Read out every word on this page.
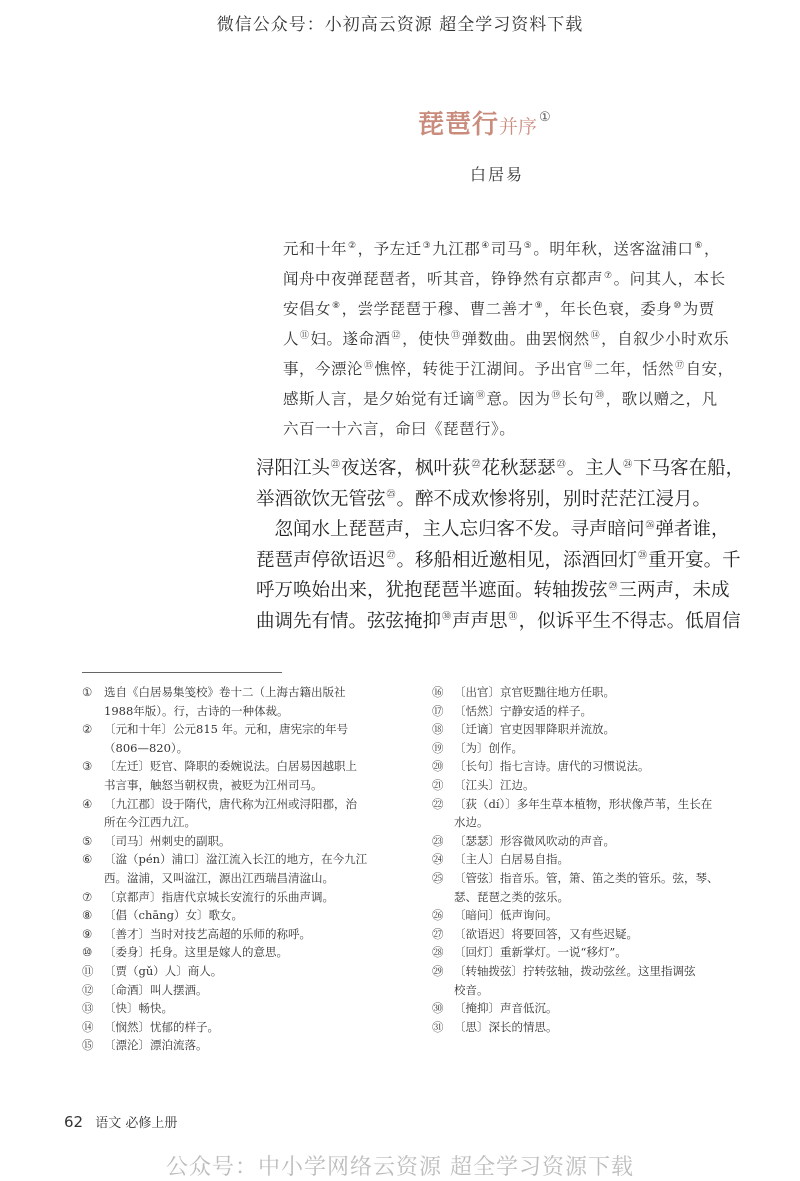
微信公众号：小初高云资源 超全学习资料下载
琵琶行并序 ①
白居易
元和十年②，予左迁③九江郡④司马⑤。明年秋，送客湓浦口⑥，
闻舟中夜弹琵琶者，听其音，铮铮然有京都声⑦。问其人，本长
安倡女⑧，尝学琵琶于穆、曹二善才⑨，年长色衰，委身⑩为贾
人⑪妇。遂命酒⑫，使快⑬弹数曲。曲罢悯然⑭，自叙少小时欢乐
事，今漂沦⑮憔悴，转徙于江湖间。予出官⑯二年，恬然⑰自安，
感斯人言，是夕始觉有迁谪⑱意。因为⑲长句⑳，歌以赠之，凡
六百一十六言，命曰《琵琶行》。
浔阳江头$^㉑$夜送客，枫叶荻$^㉒$花秋瑟瑟$^㉓$。主人$^㉔$下马客在船，
举酒欲饮无管弦$^㉕$。醉不成欢惨将别，别时茫茫江浸月。
　忽闻水上琵琶声，主人忘归客不发。寻声暗问$^㉖$弹者谁，
琵琶声停欲语迟$^㉗$。移船相近邀相见，添酒回灯$^㉘$重开宴。千
呼万唤始出来，犹抱琵琶半遮面。转轴拨弦$^㉙$三两声，未成
曲调先有情。弦弦掩抑$^㉚$声声思$^㉛$，似诉平生不得志。低眉信
① 选自《白居易集笺校》卷十二（上海古籍出版社
1988年版）。行，古诗的一种体裁。
② 〔元和十年〕公元815 年。元和，唐宪宗的年号
（806—820）。
③ 〔左迁〕贬官、降职的委婉说法。白居易因越职上
书言事，触怒当朝权贵，被贬为江州司马。
④ 〔九江郡〕设于隋代，唐代称为江州或浔阳郡，治
所在今江西九江。
⑤ 〔司马〕州刺史的副职。
⑥ 〔湓（pén）浦口〕湓江流入长江的地方，在今九江
西。湓浦，又叫湓江，源出江西瑞昌清湓山。
⑦ 〔京都声〕指唐代京城长安流行的乐曲声调。
⑧ 〔倡（chāng）女〕歌女。
⑨ 〔善才〕当时对技艺高超的乐师的称呼。
⑩ 〔委身〕托身。这里是嫁人的意思。
⑪ 〔贾（gǔ）人〕商人。
⑫ 〔命酒〕叫人摆酒。
⑬ 〔快〕畅快。
⑭ 〔悯然〕忧郁的样子。
⑮ 〔漂沦〕漂泊流落。
⑯ 〔出官〕京官贬黜往地方任职。
⑰ 〔恬然〕宁静安适的样子。
⑱ 〔迁谪〕官吏因罪降职并流放。
⑲ 〔为〕创作。
⑳ 〔长句〕指七言诗。唐代的习惯说法。
㉑ 〔江头〕江边。
㉒ 〔荻（dí）〕多年生草本植物，形状像芦苇，生长在
水边。
㉓ 〔瑟瑟〕形容微风吹动的声音。
㉔ 〔主人〕白居易自指。
㉕ 〔管弦〕指音乐。管，箫、笛之类的管乐。弦，琴、
瑟、琵琶之类的弦乐。
㉖ 〔暗问〕低声询问。
㉗ 〔欲语迟〕将要回答，又有些迟疑。
㉘ 〔回灯〕重新掌灯。一说“移灯”。
㉙ 〔转轴拨弦〕拧转弦轴，拨动弦丝。这里指调弦
校音。
㉚ 〔掩抑〕声音低沉。
㉛ 〔思〕深长的情思。
62 语文 必修上册
公众号：中小学网络云资源 超全学习资源下载
